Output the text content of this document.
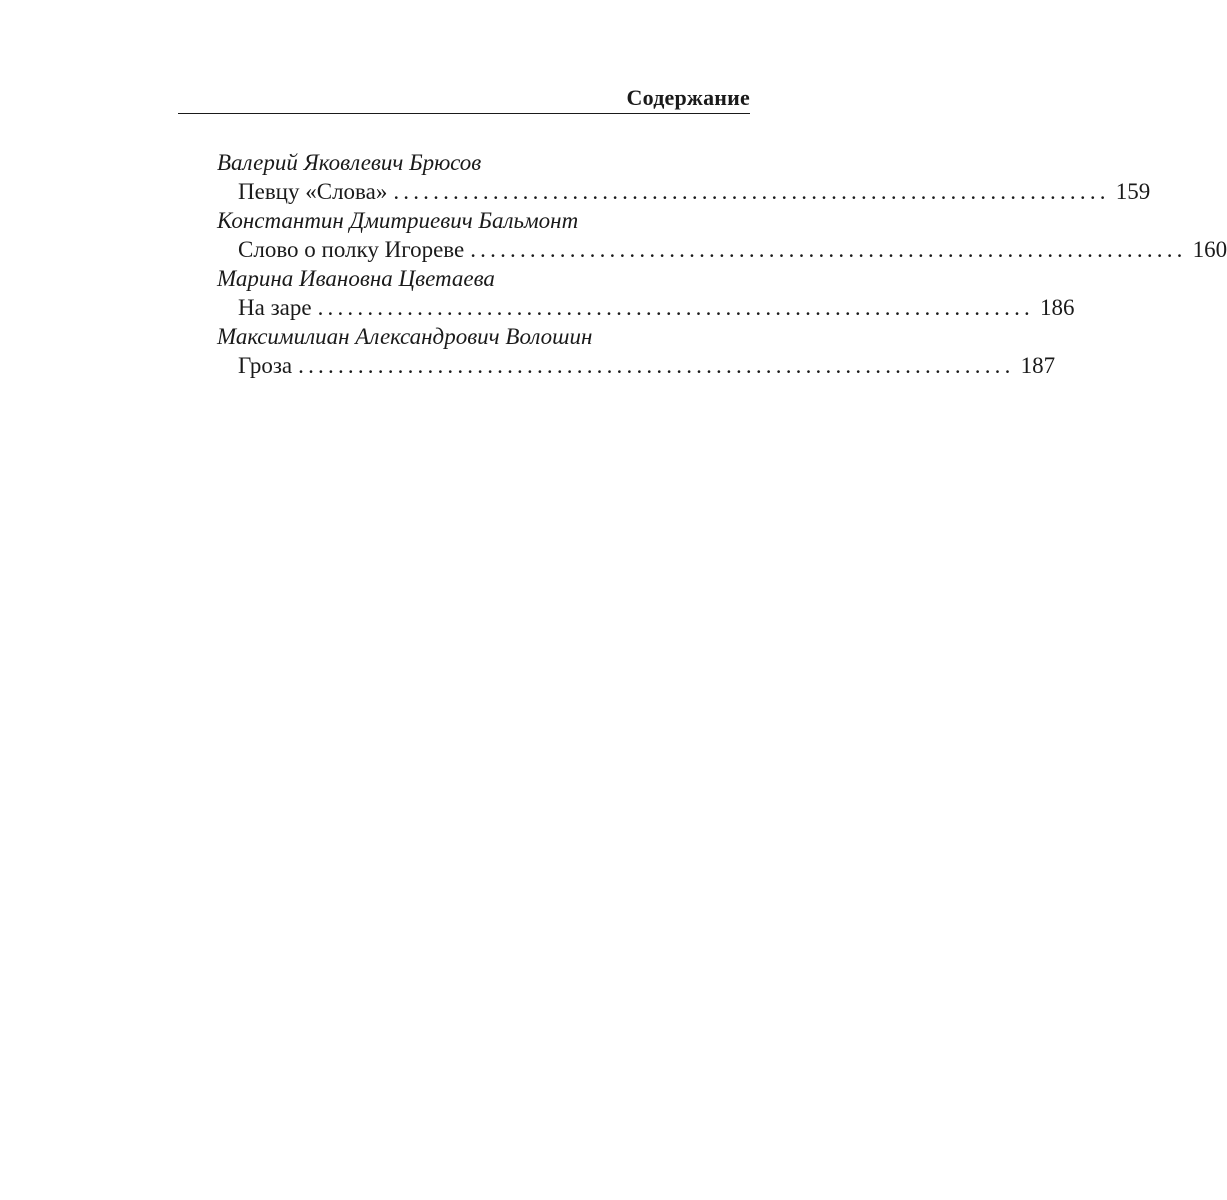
Содержание
Валерий Яковлевич Брюсов
Певцу «Слова» ........................................................................ 159
Константин Дмитриевич Бальмонт
Слово о полку Игореве ........................................................................ 160
Марина Ивановна Цветаева
На заре ........................................................................ 186
Максимилиан Александрович Волошин
Гроза ........................................................................ 187
